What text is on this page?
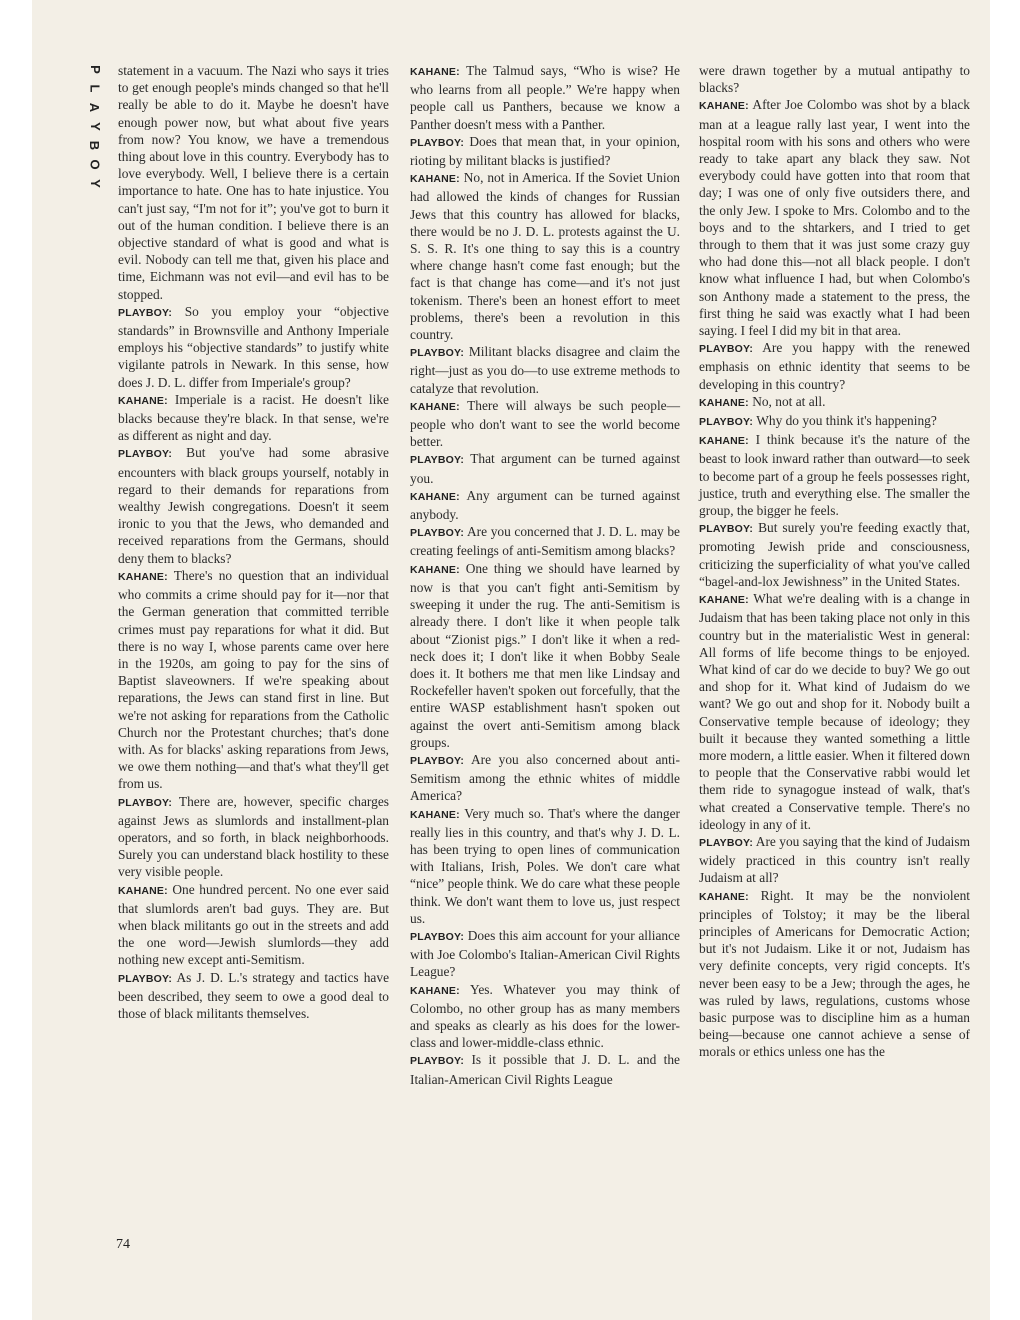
P
L
A
Y
B
O
Y
74

statement in a vacuum. The Nazi who says it tries to get enough people's minds changed so that he'll really be able to do it. Maybe he doesn't have enough power now, but what about five years from now? You know, we have a tremendous thing about love in this country. Everybody has to love everybody. Well, I believe there is a certain importance to hate. One has to hate injustice. You can't just say, “I'm not for it”; you've got to burn it out of the human condition. I believe there is an objective standard of what is good and what is evil. Nobody can tell me that, given his place and time, Eichmann was not evil—and evil has to be stopped.

PLAYBOY: So you employ your “objective standards” in Brownsville and Anthony Imperiale employs his “objective standards” to justify white vigilante patrols in Newark. In this sense, how does J. D. L. differ from Imperiale's group?

KAHANE: Imperiale is a racist. He doesn't like blacks because they're black. In that sense, we're as different as night and day.

PLAYBOY: But you've had some abrasive encounters with black groups yourself, notably in regard to their demands for reparations from wealthy Jewish congregations. Doesn't it seem ironic to you that the Jews, who demanded and received reparations from the Germans, should deny them to blacks?

KAHANE: There's no question that an individual who commits a crime should pay for it—nor that the German generation that committed terrible crimes must pay reparations for what it did. But there is no way I, whose parents came over here in the 1920s, am going to pay for the sins of Baptist slaveowners. If we're speaking about reparations, the Jews can stand first in line. But we're not asking for reparations from the Catholic Church nor the Protestant churches; that's done with. As for blacks' asking reparations from Jews, we owe them nothing—and that's what they'll get from us.

PLAYBOY: There are, however, specific charges against Jews as slumlords and installment-plan operators, and so forth, in black neighborhoods. Surely you can understand black hostility to these very visible people.

KAHANE: One hundred percent. No one ever said that slumlords aren't bad guys. They are. But when black militants go out in the streets and add the one word—Jewish slumlords—they add nothing new except anti-Semitism.

PLAYBOY: As J. D. L.'s strategy and tactics have been described, they seem to owe a good deal to those of black militants themselves.

KAHANE: The Talmud says, “Who is wise? He who learns from all people.” We're happy when people call us Panthers, because we know a Panther doesn't mess with a Panther.

PLAYBOY: Does that mean that, in your opinion, rioting by militant blacks is justified?

KAHANE: No, not in America. If the Soviet Union had allowed the kinds of changes for Russian Jews that this country has allowed for blacks, there would be no J. D. L. protests against the U. S. S. R. It's one thing to say this is a country where change hasn't come fast enough; but the fact is that change has come—and it's not just tokenism. There's been an honest effort to meet problems, there's been a revolution in this country.

PLAYBOY: Militant blacks disagree and claim the right—just as you do—to use extreme methods to catalyze that revolution.

KAHANE: There will always be such people—people who don't want to see the world become better.

PLAYBOY: That argument can be turned against you.

KAHANE: Any argument can be turned against anybody.

PLAYBOY: Are you concerned that J. D. L. may be creating feelings of anti-Semitism among blacks?

KAHANE: One thing we should have learned by now is that you can't fight anti-Semitism by sweeping it under the rug. The anti-Semitism is already there. I don't like it when people talk about “Zionist pigs.” I don't like it when a red-neck does it; I don't like it when Bobby Seale does it. It bothers me that men like Lindsay and Rockefeller haven't spoken out forcefully, that the entire WASP establishment hasn't spoken out against the overt anti-Semitism among black groups.

PLAYBOY: Are you also concerned about anti-Semitism among the ethnic whites of middle America?

KAHANE: Very much so. That's where the danger really lies in this country, and that's why J. D. L. has been trying to open lines of communication with Italians, Irish, Poles. We don't care what “nice” people think. We do care what these people think. We don't want them to love us, just respect us.

PLAYBOY: Does this aim account for your alliance with Joe Colombo's Italian-American Civil Rights League?

KAHANE: Yes. Whatever you may think of Colombo, no other group has as many members and speaks as clearly as his does for the lower-class and lower-middle-class ethnic.

PLAYBOY: Is it possible that J. D. L. and the Italian-American Civil Rights League

were drawn together by a mutual antipathy to blacks?

KAHANE: After Joe Colombo was shot by a black man at a league rally last year, I went into the hospital room with his sons and others who were ready to take apart any black they saw. Not everybody could have gotten into that room that day; I was one of only five outsiders there, and the only Jew. I spoke to Mrs. Colombo and to the boys and to the shtarkers, and I tried to get through to them that it was just some crazy guy who had done this—not all black people. I don't know what influence I had, but when Colombo's son Anthony made a statement to the press, the first thing he said was exactly what I had been saying. I feel I did my bit in that area.

PLAYBOY: Are you happy with the renewed emphasis on ethnic identity that seems to be developing in this country?

KAHANE: No, not at all.

PLAYBOY: Why do you think it's happening?

KAHANE: I think because it's the nature of the beast to look inward rather than outward—to seek to become part of a group he feels possesses right, justice, truth and everything else. The smaller the group, the bigger he feels.

PLAYBOY: But surely you're feeding exactly that, promoting Jewish pride and consciousness, criticizing the superficiality of what you've called “bagel-and-lox Jewishness” in the United States.

KAHANE: What we're dealing with is a change in Judaism that has been taking place not only in this country but in the materialistic West in general: All forms of life become things to be enjoyed. What kind of car do we decide to buy? We go out and shop for it. What kind of Judaism do we want? We go out and shop for it. Nobody built a Conservative temple because of ideology; they built it because they wanted something a little more modern, a little easier. When it filtered down to people that the Conservative rabbi would let them ride to synagogue instead of walk, that's what created a Conservative temple. There's no ideology in any of it.

PLAYBOY: Are you saying that the kind of Judaism widely practiced in this country isn't really Judaism at all?

KAHANE: Right. It may be the nonviolent principles of Tolstoy; it may be the liberal principles of Americans for Democratic Action; but it's not Judaism. Like it or not, Judaism has very definite concepts, very rigid concepts. It's never been easy to be a Jew; through the ages, he was ruled by laws, regulations, customs whose basic purpose was to discipline him as a human being—because one cannot achieve a sense of morals or ethics unless one has the
